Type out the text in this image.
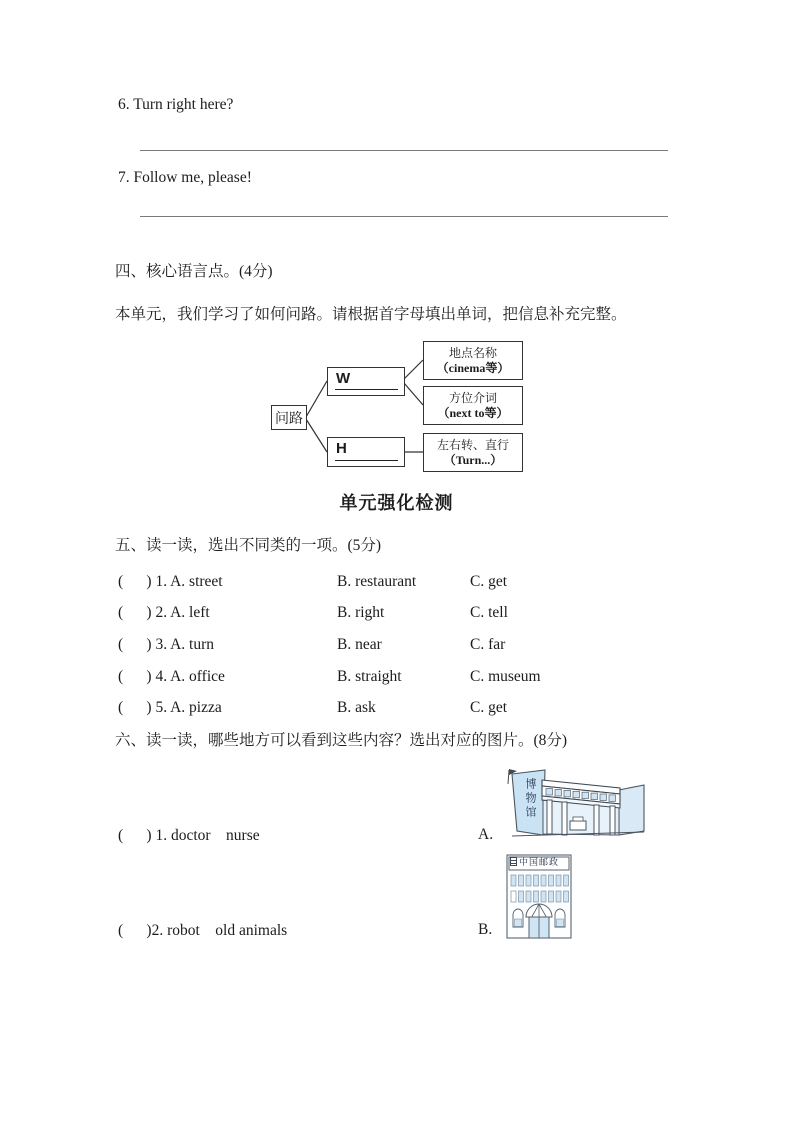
6. Turn right here?
7. Follow me, please!
四、核心语言点。(4分)
本单元，我们学习了如何问路。请根据首字母填出单词，把信息补充完整。
问路
W
H
地点名称
（cinema等）
方位介词
（next to等）
左右转、直行
（Turn...）
单元强化检测
五、读一读，选出不同类的一项。(5分)
(      ) 1. A. street	B. restaurant	C. get
(      ) 2. A. left	B. right	C. tell
(      ) 3. A. turn	B. near	C. far
(      ) 4. A. office	B. straight	C. museum
(      ) 5. A. pizza	B. ask	C. get
六、读一读，哪些地方可以看到这些内容？选出对应的图片。(8分)
博物馆
(      ) 1. doctor    nurse	A.
中国邮政
(      )2. robot    old animals	B.
